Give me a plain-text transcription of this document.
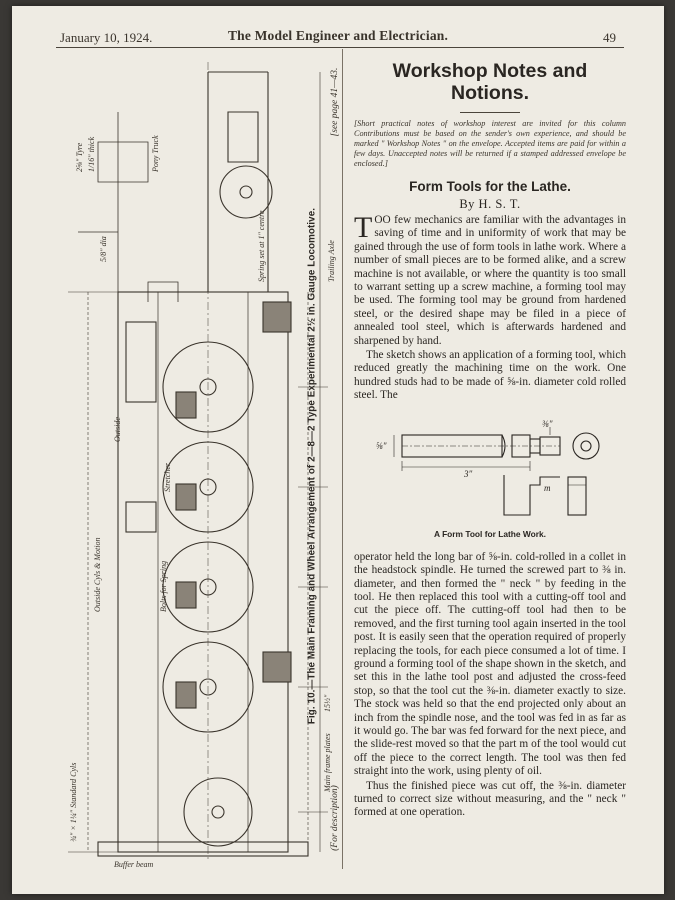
January 10, 1924.	The Model Engineer and Electrician.	49
2⅝" Tyre
Outside Cyls & Motion	Bolts for Spring
Spring set at 1" centre
Stretcher
5/8" dia
Main frame plates
15½"
Trailing Axle
¾" × 1¼" Standard Cyls
1/16" thick
Outside
Pony Truck
Buffer beam
[see page 41—43.
Fig. 10.—The Main Framing and Wheel Arrangement of 2—8—2 Type Experimental 2½ in. Gauge Locomotive.
(For description)
Workshop Notes and Notions.

[Short practical notes of workshop interest are invited for this column Contributions must be based on the sender's own experience, and should be marked " Workshop Notes " on the envelope. Accepted items are paid for within a few days. Unaccepted notes will be returned if a stamped addressed envelope be enclosed.]

Form Tools for the Lathe.
By H. S. T.

TOO few mechanics are familiar with the advantages in saving of time and in uniformity of work that may be gained through the use of form tools in lathe work. Where a number of small pieces are to be formed alike, and a screw machine is not available, or where the quantity is too small to warrant setting up a screw machine, a forming tool may be used. The forming tool may be ground from hardened steel, or the desired shape may be filed in a piece of annealed tool steel, which is afterwards hardened and sharpened by hand.

The sketch shows an application of a forming tool, which reduced greatly the machining time on the work. One hundred studs had to be made of ⅝-in. diameter cold rolled steel. The

3"
⅝"
⅜"
m
A Form Tool for Lathe Work.

operator held the long bar of ⅝-in. cold-rolled in a collet in the headstock spindle. He turned the screwed part to ⅜ in. diameter, and then formed the " neck " by feeding in the tool. He then replaced this tool with a cutting-off tool and cut the piece off. The cutting-off tool had then to be removed, and the first turning tool again inserted in the tool post. It is easily seen that the operation required of properly replacing the tools, for each piece consumed a lot of time. I ground a forming tool of the shape shown in the sketch, and set this in the lathe tool post and adjusted the cross-feed stop, so that the tool cut the ⅜-in. diameter exactly to size. The stock was held so that the end projected only about an inch from the spindle nose, and the tool was fed in as far as it would go. The bar was fed forward for the next piece, and the slide-rest moved so that the part m of the tool would cut off the piece to the correct length. The tool was then fed straight into the work, using plenty of oil.

Thus the finished piece was cut off, the ⅜-in. diameter turned to correct size without measuring, and the " neck " formed at one operation.
